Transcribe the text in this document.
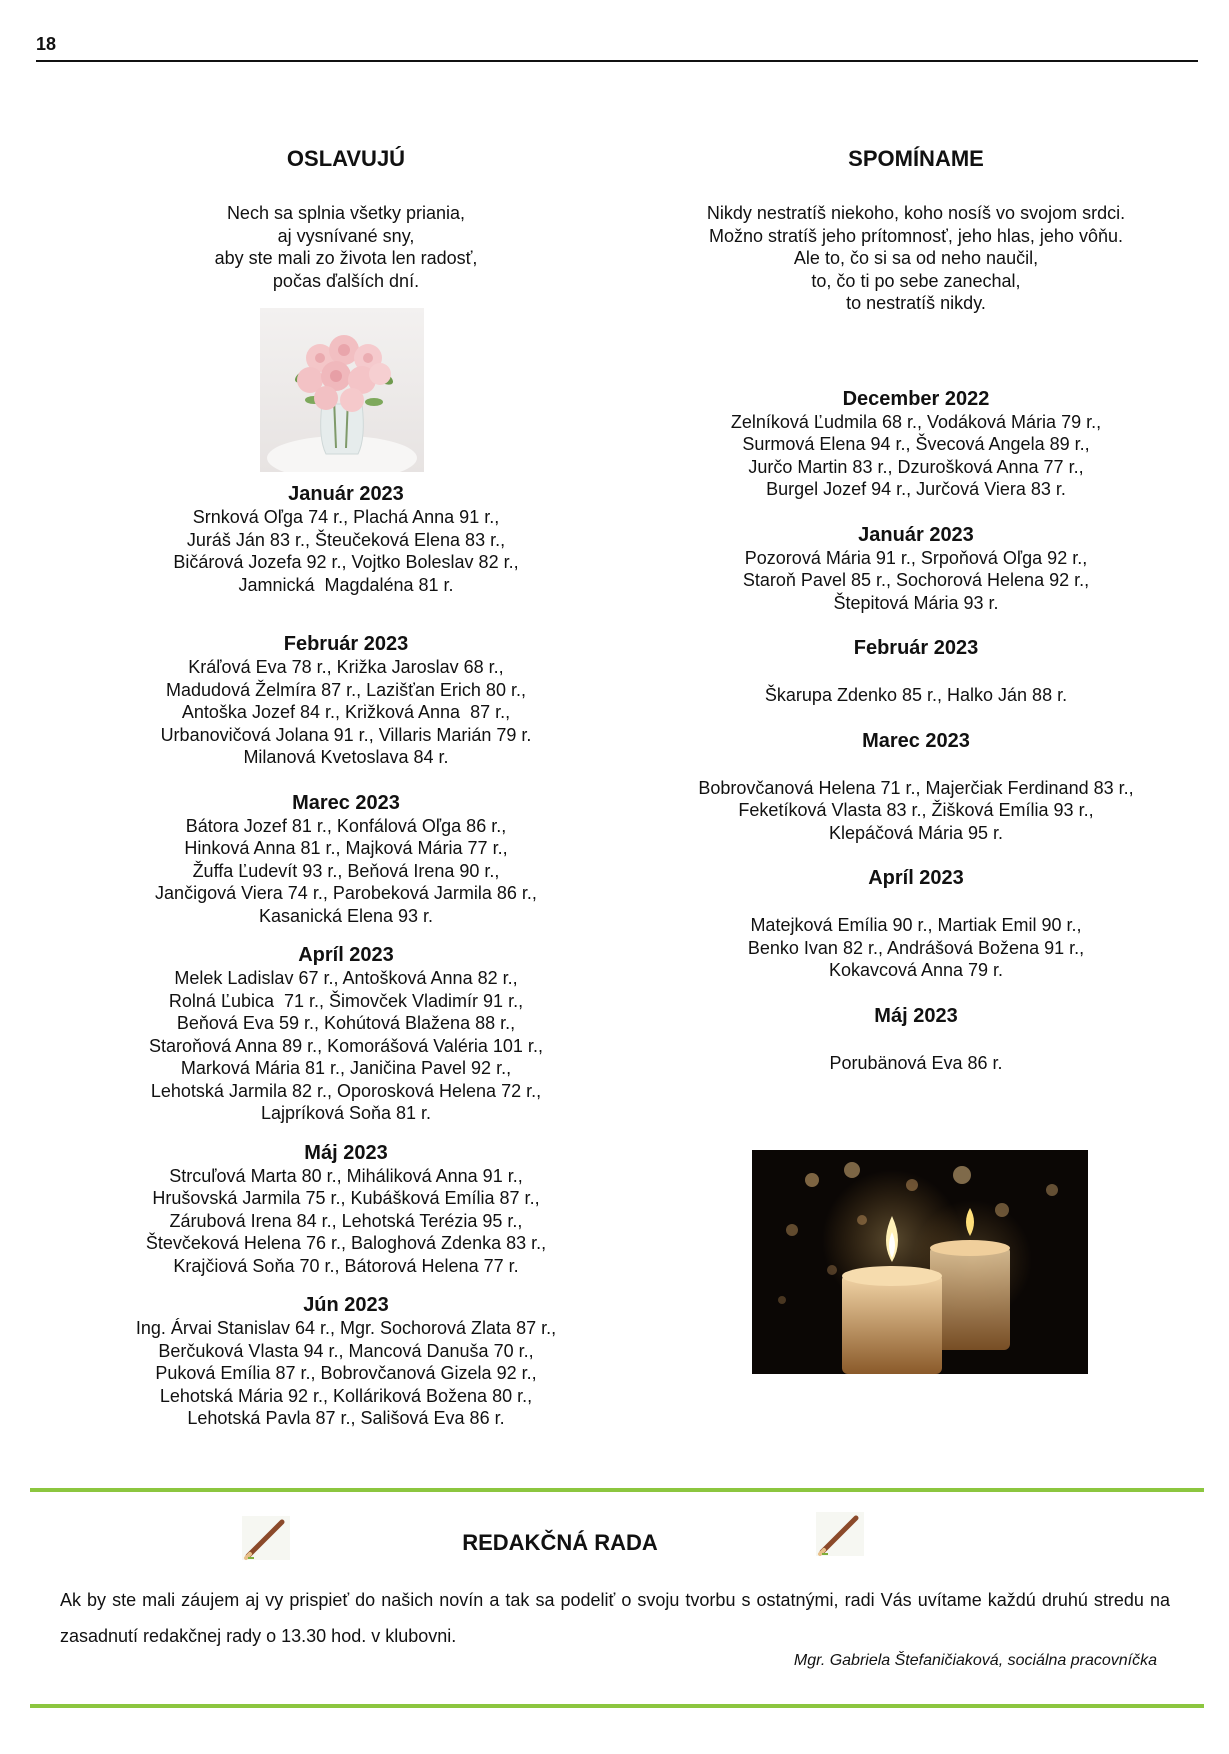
18
OSLAVUJÚ
Nech sa splnia všetky priania,
aj vysnívané sny,
aby ste mali zo života len radosť,
počas ďalších dní.
Január 2023
Srnková Oľga 74 r., Plachá Anna 91 r.,
Juráš Ján 83 r., Šteučeková Elena 83 r.,
Bičárová Jozefa 92 r., Vojtko Boleslav 82 r.,
Jamnická  Magdaléna 81 r.
Február 2023
Kráľová Eva 78 r., Križka Jaroslav 68 r.,
Madudová Želmíra 87 r., Lazišťan Erich 80 r.,
Antoška Jozef 84 r., Križková Anna  87 r.,
Urbanovičová Jolana 91 r., Villaris Marián 79 r.
Milanová Kvetoslava 84 r.
Marec 2023
Bátora Jozef 81 r., Konfálová Oľga 86 r.,
Hinková Anna 81 r., Majková Mária 77 r.,
Žuffa Ľudevít 93 r., Beňová Irena 90 r.,
Jančigová Viera 74 r., Parobeková Jarmila 86 r.,
Kasanická Elena 93 r.
Apríl 2023
Melek Ladislav 67 r., Antošková Anna 82 r.,
Rolná Ľubica  71 r., Šimovček Vladimír 91 r.,
Beňová Eva 59 r., Kohútová Blažena 88 r.,
Staroňová Anna 89 r., Komorášová Valéria 101 r.,
Marková Mária 81 r., Janičina Pavel 92 r.,
Lehotská Jarmila 82 r., Oporosková Helena 72 r.,
Lajpríková Soňa 81 r.
Máj 2023
Strcuľová Marta 80 r., Miháliková Anna 91 r.,
Hrušovská Jarmila 75 r., Kubášková Emília 87 r.,
Zárubová Irena 84 r., Lehotská Terézia 95 r.,
Števčeková Helena 76 r., Baloghová Zdenka 83 r.,
Krajčiová Soňa 70 r., Bátorová Helena 77 r.
Jún 2023
Ing. Árvai Stanislav 64 r., Mgr. Sochorová Zlata 87 r.,
Berčuková Vlasta 94 r., Mancová Danuša 70 r.,
Puková Emília 87 r., Bobrovčanová Gizela 92 r.,
Lehotská Mária 92 r., Kolláriková Božena 80 r.,
Lehotská Pavla 87 r., Sališová Eva 86 r.
SPOMÍNAME
Nikdy nestratíš niekoho, koho nosíš vo svojom srdci.
Možno stratíš jeho prítomnosť, jeho hlas, jeho vôňu.
Ale to, čo si sa od neho naučil,
to, čo ti po sebe zanechal,
to nestratíš nikdy.
December 2022
Zelníková Ľudmila 68 r., Vodáková Mária 79 r.,
Surmová Elena 94 r., Švecová Angela 89 r.,
Jurčo Martin 83 r., Dzurošková Anna 77 r.,
Burgel Jozef 94 r., Jurčová Viera 83 r.
Január 2023
Pozorová Mária 91 r., Srpoňová Oľga 92 r.,
Staroň Pavel 85 r., Sochorová Helena 92 r.,
Štepitová Mária 93 r.
Február 2023
Škarupa Zdenko 85 r., Halko Ján 88 r.
Marec 2023
Bobrovčanová Helena 71 r., Majerčiak Ferdinand 83 r.,
Feketíková Vlasta 83 r., Žišková Emília 93 r.,
Klepáčová Mária 95 r.
Apríl 2023
Matejková Emília 90 r., Martiak Emil 90 r.,
Benko Ivan 82 r., Andrášová Božena 91 r.,
Kokavcová Anna 79 r.
Máj 2023
Porubänová Eva 86 r.
REDAKČNÁ RADA
Ak by ste mali záujem aj vy prispieť do našich novín a tak sa podeliť o svoju tvorbu s ostatnými, radi Vás uvítame každú druhú stredu na zasadnutí redakčnej rady o 13.30 hod. v klubovni.
Mgr. Gabriela Štefaničiaková, sociálna pracovníčka
